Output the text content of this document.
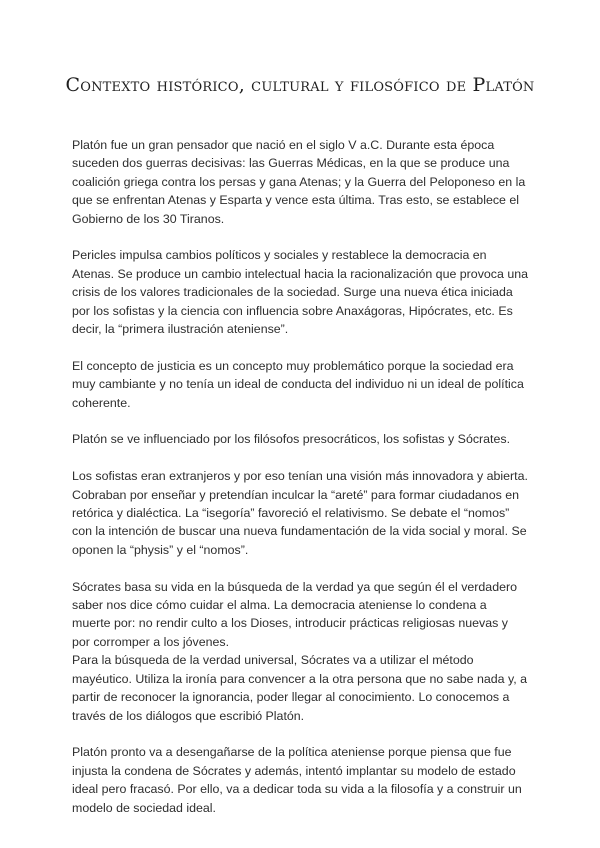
Contexto histórico, cultural y filosófico de Platón

Platón fue un gran pensador que nació en el siglo V a.C. Durante esta época suceden dos guerras decisivas: las Guerras Médicas, en la que se produce una coalición griega contra los persas y gana Atenas; y la Guerra del Peloponeso en la que se enfrentan Atenas y Esparta y vence esta última. Tras esto, se establece el Gobierno de los 30 Tiranos.

Pericles impulsa cambios políticos y sociales y restablece la democracia en Atenas. Se produce un cambio intelectual hacia la racionalización que provoca una crisis de los valores tradicionales de la sociedad. Surge una nueva ética iniciada por los sofistas y la ciencia con influencia sobre Anaxágoras, Hipócrates, etc. Es decir, la “primera ilustración ateniense”.

El concepto de justicia es un concepto muy problemático porque la sociedad era muy cambiante y no tenía un ideal de conducta del individuo ni un ideal de política coherente.

Platón se ve influenciado por los filósofos presocráticos, los sofistas y Sócrates.

Los sofistas eran extranjeros y por eso tenían una visión más innovadora y abierta. Cobraban por enseñar y pretendían inculcar la “areté” para formar ciudadanos en retórica y dialéctica. La “isegoría” favoreció el relativismo. Se debate el “nomos” con la intención de buscar una nueva fundamentación de la vida social y moral. Se oponen la “physis” y el “nomos”.

Sócrates basa su vida en la búsqueda de la verdad ya que según él el verdadero saber nos dice cómo cuidar el alma. La democracia ateniense lo condena a muerte por: no rendir culto a los Dioses, introducir prácticas religiosas nuevas y por corromper a los jóvenes.

Para la búsqueda de la verdad universal, Sócrates va a utilizar el método mayéutico. Utiliza la ironía para convencer a la otra persona que no sabe nada y, a partir de reconocer la ignorancia, poder llegar al conocimiento. Lo conocemos a través de los diálogos que escribió Platón.

Platón pronto va a desengañarse de la política ateniense porque piensa que fue injusta la condena de Sócrates y además, intentó implantar su modelo de estado ideal pero fracasó. Por ello, va a dedicar toda su vida a la filosofía y a construir un modelo de sociedad ideal.
